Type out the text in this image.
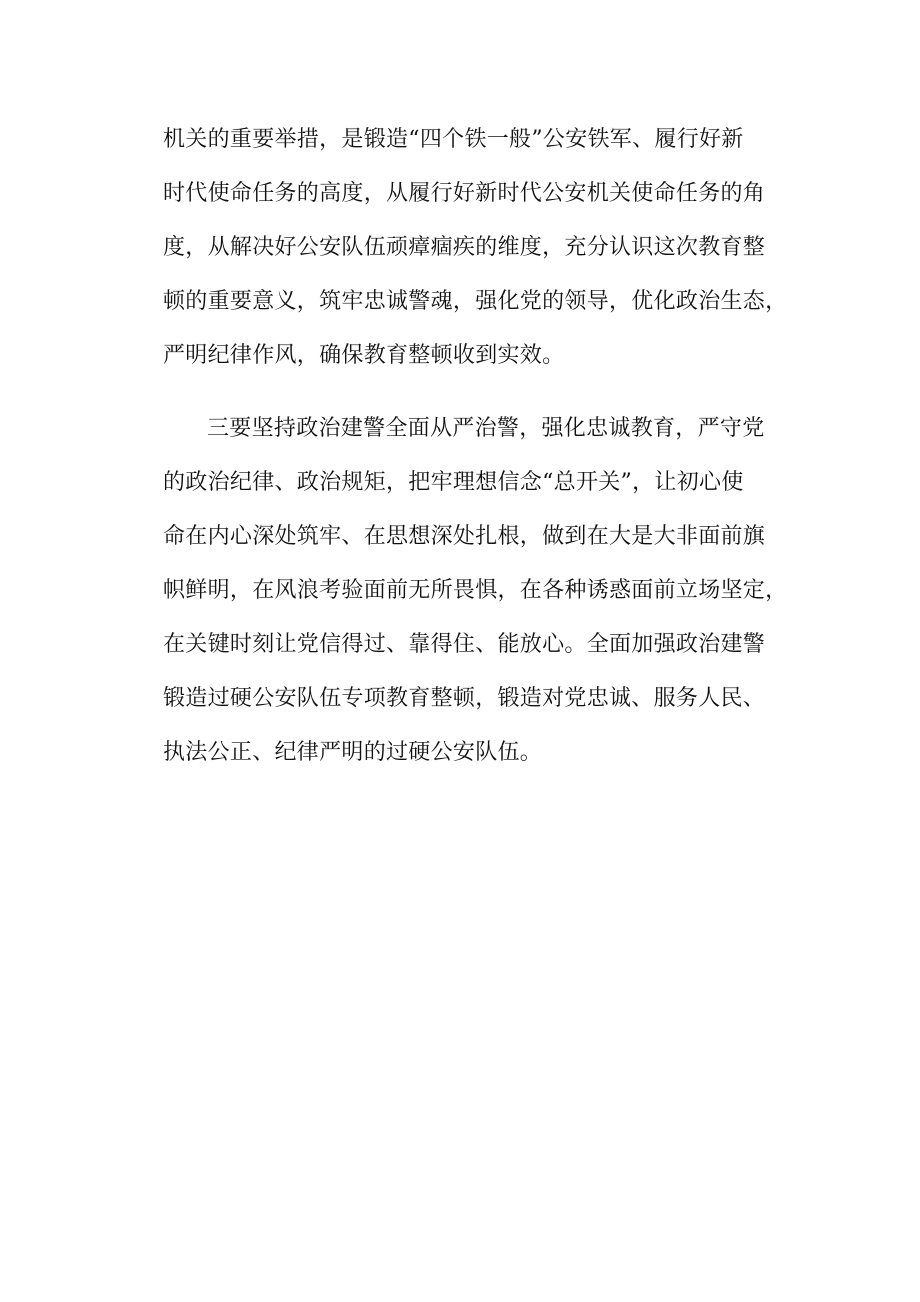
机关的重要举措，是锻造“四个铁一般”公安铁军、履行好新
时代使命任务的高度，从履行好新时代公安机关使命任务的角
度，从解决好公安队伍顽瘴痼疾的维度，充分认识这次教育整
顿的重要意义，筑牢忠诚警魂，强化党的领导，优化政治生态，
严明纪律作风，确保教育整顿收到实效。
三要坚持政治建警全面从严治警，强化忠诚教育，严守党
的政治纪律、政治规矩，把牢理想信念“总开关”，让初心使
命在内心深处筑牢、在思想深处扎根，做到在大是大非面前旗
帜鲜明，在风浪考验面前无所畏惧，在各种诱惑面前立场坚定，
在关键时刻让党信得过、靠得住、能放心。全面加强政治建警
锻造过硬公安队伍专项教育整顿，锻造对党忠诚、服务人民、
执法公正、纪律严明的过硬公安队伍。
